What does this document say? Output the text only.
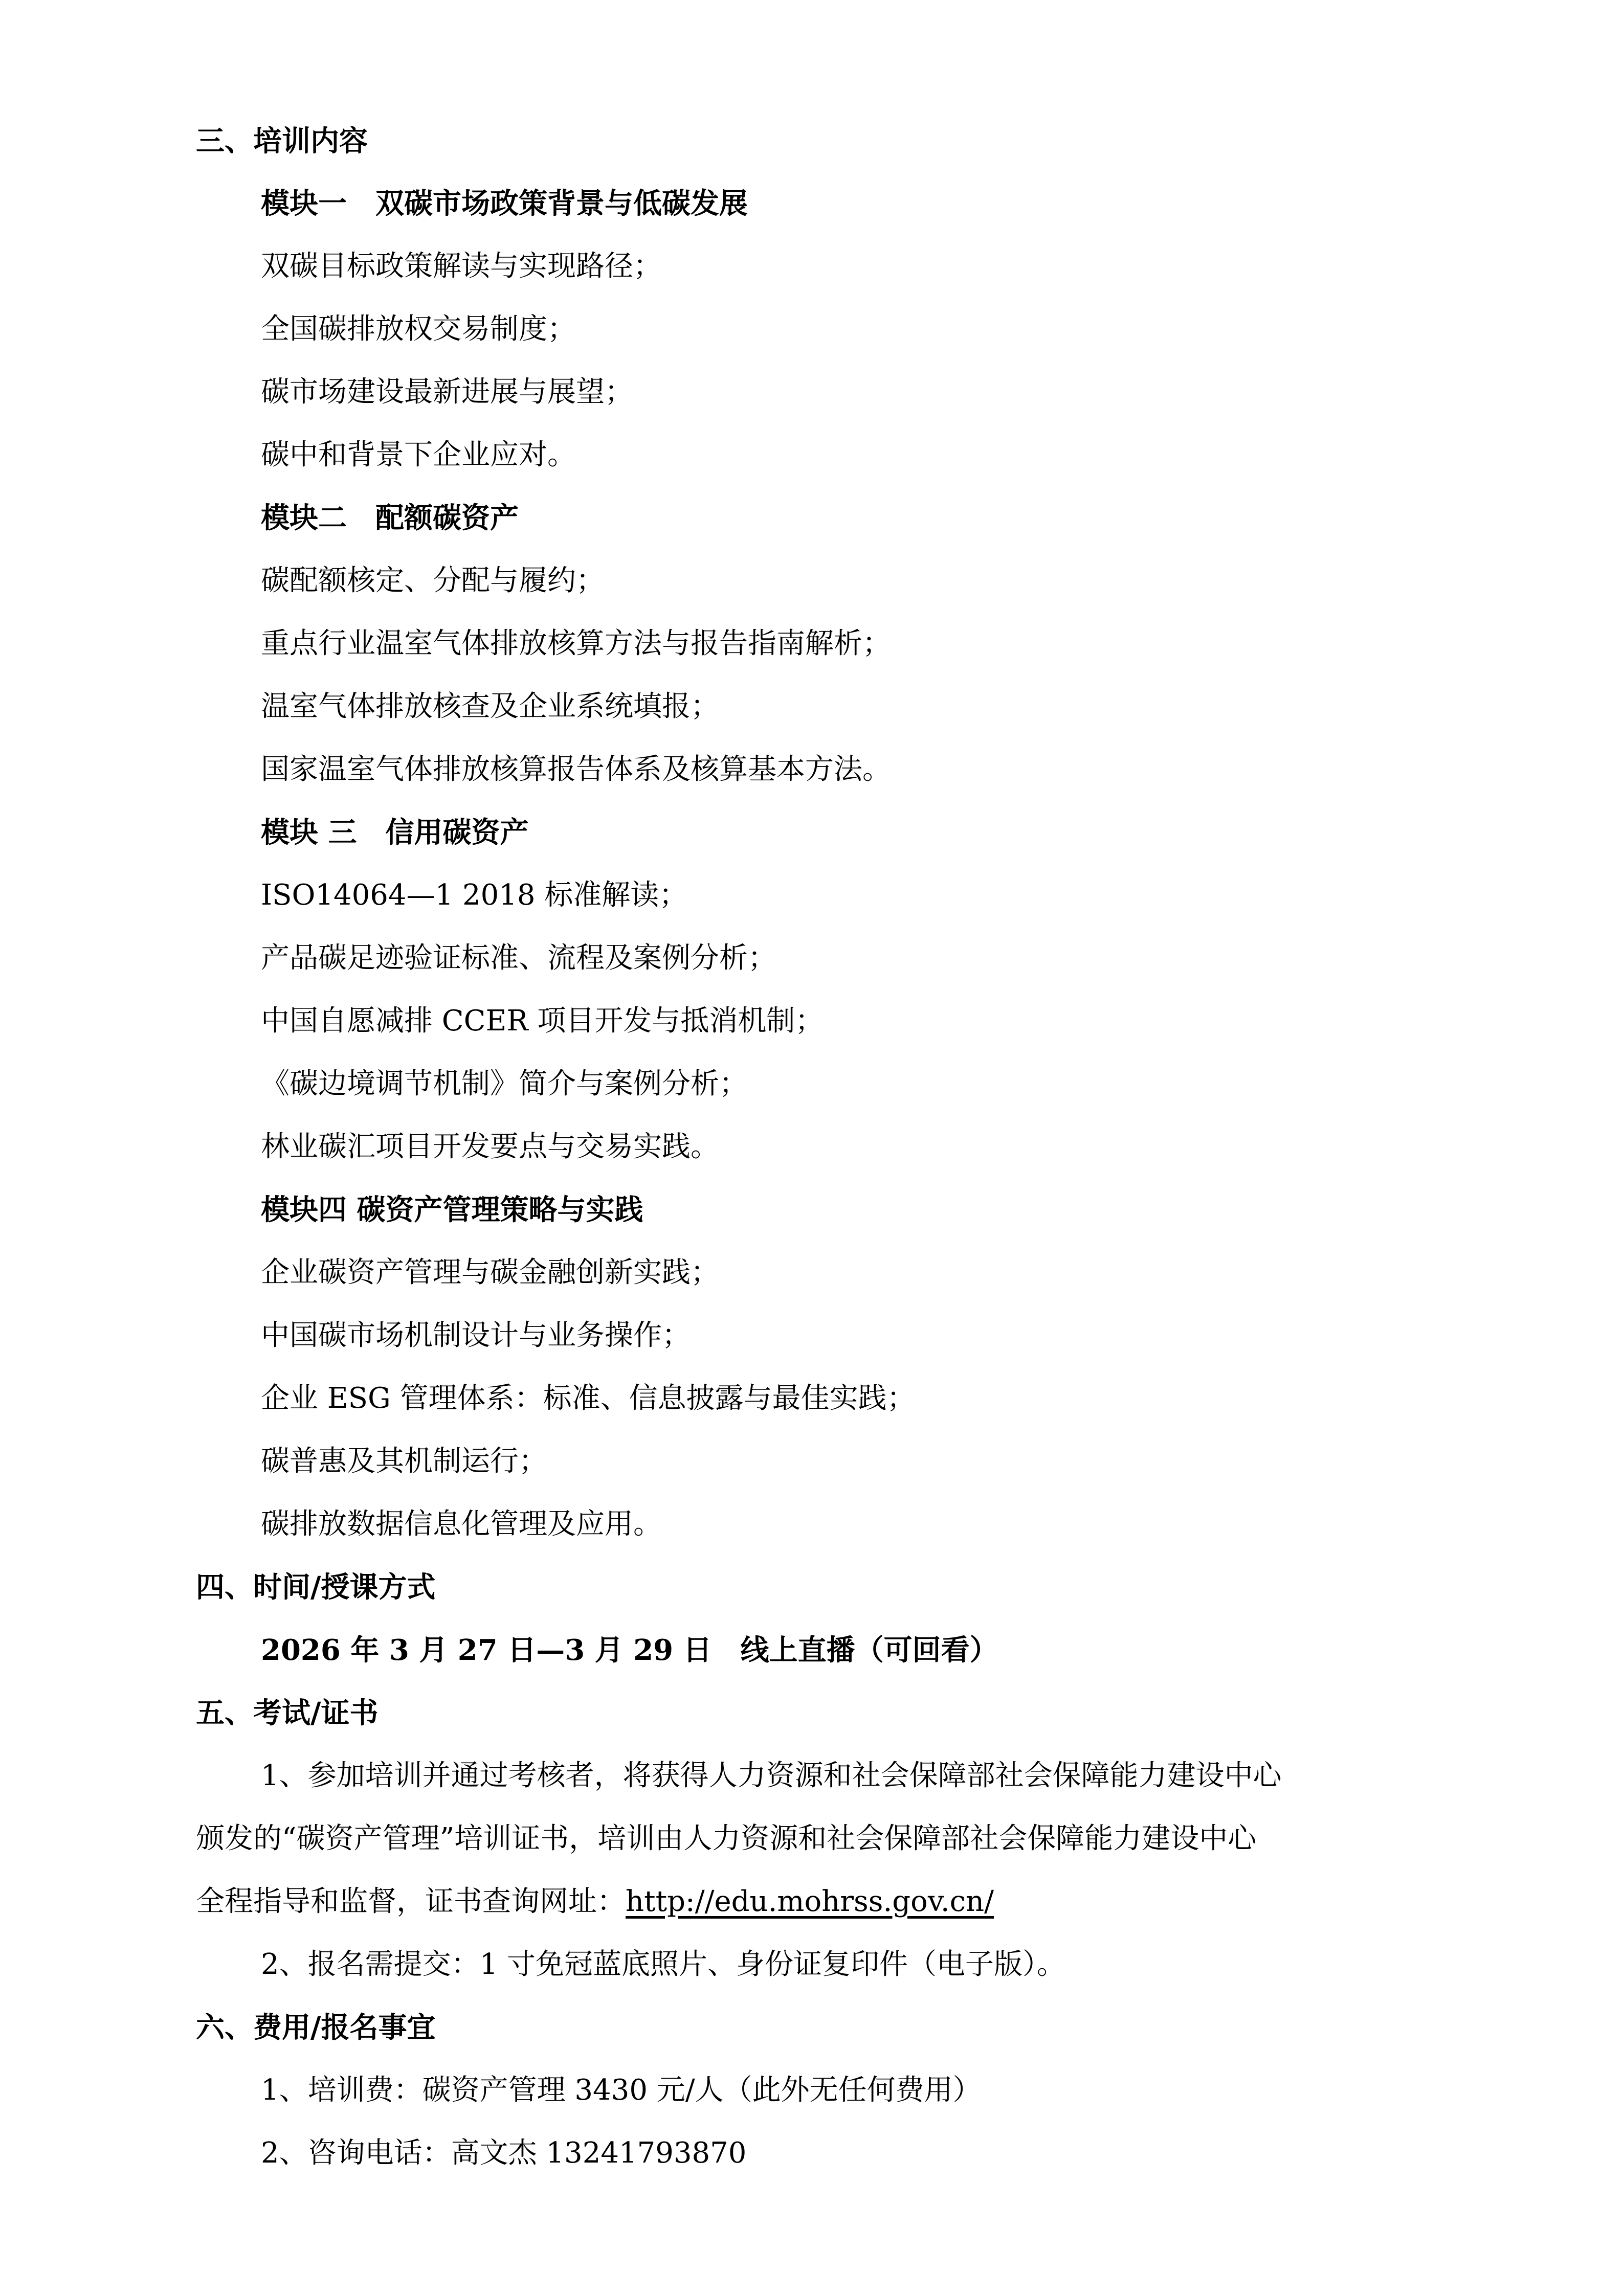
三、培训内容
模块一　双碳市场政策背景与低碳发展
双碳目标政策解读与实现路径；
全国碳排放权交易制度；
碳市场建设最新进展与展望；
碳中和背景下企业应对。
模块二　配额碳资产
碳配额核定、分配与履约；
重点行业温室气体排放核算方法与报告指南解析；
温室气体排放核查及企业系统填报；
国家温室气体排放核算报告体系及核算基本方法。
模块 三　信用碳资产
ISO14064—1 2018 标准解读；
产品碳足迹验证标准、流程及案例分析；
中国自愿减排 CCER 项目开发与抵消机制；
《碳边境调节机制》简介与案例分析；
林业碳汇项目开发要点与交易实践。
模块四 碳资产管理策略与实践
企业碳资产管理与碳金融创新实践；
中国碳市场机制设计与业务操作；
企业 ESG 管理体系：标准、信息披露与最佳实践；
碳普惠及其机制运行；
碳排放数据信息化管理及应用。
四、时间/授课方式
2026 年 3 月 27 日—3 月 29 日　线上直播（可回看）
五、考试/证书
1、参加培训并通过考核者，将获得人力资源和社会保障部社会保障能力建设中心
颁发的“碳资产管理”培训证书，培训由人力资源和社会保障部社会保障能力建设中心
全程指导和监督，证书查询网址：http://edu.mohrss.gov.cn/
2、报名需提交：1 寸免冠蓝底照片、身份证复印件（电子版）。
六、费用/报名事宜
1、培训费：碳资产管理 3430 元/人（此外无任何费用）
2、咨询电话：高文杰 13241793870
